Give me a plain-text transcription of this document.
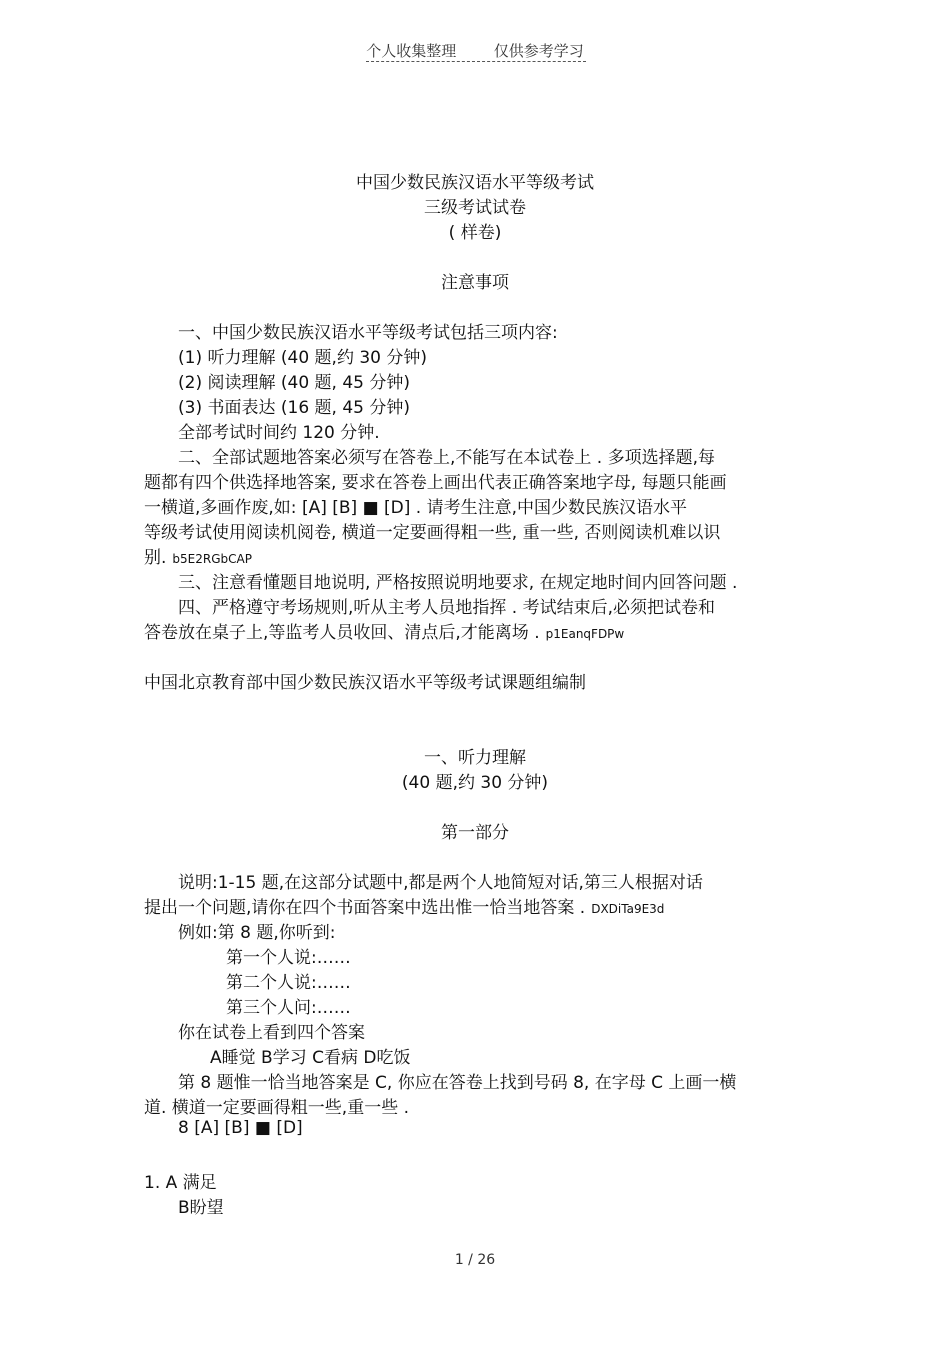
个人收集整理	仅供参考学习
中国少数民族汉语水平等级考试
三级考试试卷
( 样卷)
注意事项
一、中国少数民族汉语水平等级考试包括三项内容:
(1) 听力理解 (40 题,约 30 分钟)
(2) 阅读理解 (40 题, 45 分钟)
(3) 书面表达 (16 题, 45 分钟)
全部考试时间约 120 分钟.
二、全部试题地答案必须写在答卷上,不能写在本试卷上 . 多项选择题,每
题都有四个供选择地答案, 要求在答卷上画出代表正确答案地字母, 每题只能画
一横道,多画作废,如: [A] [B] ■ [D] . 请考生注意,中国少数民族汉语水平
等级考试使用阅读机阅卷, 横道一定要画得粗一些, 重一些, 否则阅读机难以识
别. b5E2RGbCAP
三、注意看懂题目地说明, 严格按照说明地要求, 在规定地时间内回答问题 .
四、严格遵守考场规则,听从主考人员地指挥 . 考试结束后,必须把试卷和
答卷放在桌子上,等监考人员收回、清点后,才能离场 . p1EanqFDPw
中国北京教育部中国少数民族汉语水平等级考试课题组编制
一、听力理解
(40 题,约 30 分钟)
第一部分
说明:1-15 题,在这部分试题中,都是两个人地简短对话,第三人根据对话
提出一个问题,请你在四个书面答案中选出惟一恰当地答案 . DXDiTa9E3d
例如:第 8 题,你听到:
第一个人说:……
第二个人说:……
第三个人问:……
你在试卷上看到四个答案
A睡觉 B学习 C看病 D吃饭
第 8 题惟一恰当地答案是 C, 你应在答卷上找到号码 8, 在字母 C 上画一横
道. 横道一定要画得粗一些,重一些 .
8 [A] [B] ■ [D]
1. A 满足
B盼望
1 / 26
